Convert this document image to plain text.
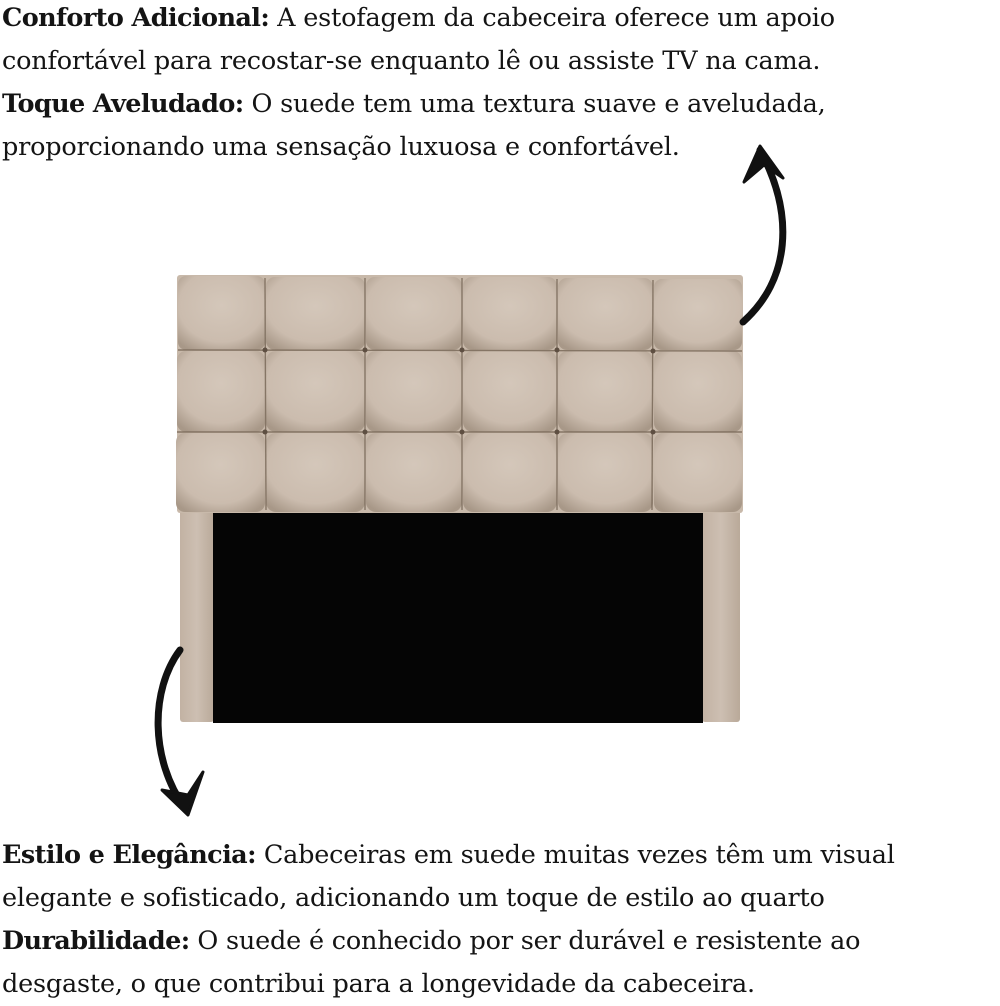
Conforto Adicional: A estofagem da cabeceira oferece um apoio

confortável para recostar-se enquanto lê ou assiste TV na cama.

Toque Aveludado: O suede tem uma textura suave e aveludada,

proporcionando uma sensação luxuosa e confortável.

Estilo e Elegância: Cabeceiras em suede muitas vezes têm um visual

elegante e sofisticado, adicionando um toque de estilo ao quarto

Durabilidade: O suede é conhecido por ser durável e resistente ao

desgaste, o que contribui para a longevidade da cabeceira.
